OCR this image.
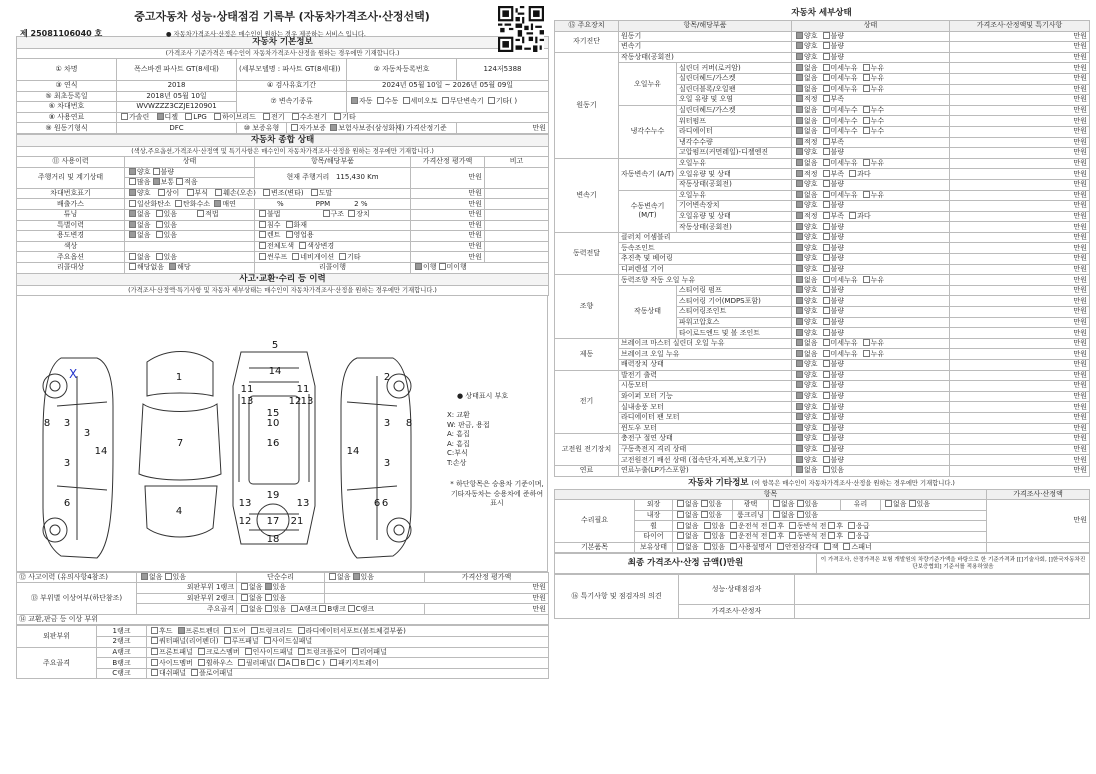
중고자동차 성능·상태점검 기록부 (자동차가격조사·산정선택)
제 25081106040 호	● 자동차가격조사·산정은 매수인이 원하는 경우 제공하는 서비스 입니다.
자동차 기본정보						
(가격조사 기준가격은 매수인이 자동차가격조사·산정을 원하는 경우에만 기재합니다.)						
① 차명	폭스바겐 파사트 GT(8세대)	(세부모델명 : 파사트 GT(8세대))		② 자동차등록번호		124저5388
③ 연식	2018	④ 검사유효기간		2024년 05월 10일 ~ 2026년 05월 09일		
⑤ 최초등록일	2018년 05월 10일	⑦ 변속기종류		자동 수동 세미오토 무단변속기 기타( )		
⑥ 차대번호	WVWZZZ3CZJE120901					
⑧ 사용연료	가솔린 디젤 LPG 하이브리드 전기 수소전기 기타					
⑨ 원동기형식	DFC	⑩ 보증유형	자가보증 보험사보증(삼성화재)		가격산정기준	만원
자동차 종합 상태				
(색상,주요옵션,가격조사·산정액 및 특기사항은 매수인이 자동차가격조사·산정을 원하는 경우에만 기재합니다.)				
⑪ 사용이력	상태	항목/해당부품	가격산정 평가액	비고
주행거리 및 계기상태	양호 불량	현재 주행거리 115,430 Km	만원	
	많음 보통 적음			
차대번호표기	양호 상이 부식 훼손(오손) 변조(변타) 도말		만원	
배출가스	일산화탄소 탄화수소 매연	% PPM 2 %	만원	
튜닝	없음 있음 적법	불법 구조 장치	만원	
특별이력	없음 있음	침수 화재	만원	
용도변경	없음 있음	렌트 영업용	만원	
색상		전체도색 색상변경	만원	
주요옵션	없음 있음	썬루프 네비게이션 기타	만원	
리콜대상	해당없음 해당	리콜이행	이행 미이행	
사고·교환·수리 등 이력				
(가격조사·산정액·특기사항 및 자동차 세부상태는 매수인이 자동차가격조사·산정을 원하는 경우에만 기재합니다.)				
1
7
4
3
3
8
14
6
3
5
14
11	11
13	12 13
15
10
16
19
13	13
12 17 21
18
3
3
8
14
6
2
6
X
● 상태표시 부호
X: 교환
W: 판금, 용접
A: 흠집
A: 흠집
C:부식
T:손상
* 하단항목은 승용차 기준이며, 기타자동차는 승용차에 준하여 표시
⑫ 사고이력 (유의사항4참조)	없음 있음	단순수리	없음 있음	가격산정 평가액
⑬ 부위별 이상여부(하단참조)	외판부위 1랭크	없음 있음	만원	
	외판부위 2랭크	없음 있음	만원	
	주요골격	없음 있음 A랭크 B랭크 C랭크		만원
⑭ 교환,판금 등 이상 부위				
외판부위	1랭크	후드 프론트펜더 도어 트렁크리드 라디에이터서포트(볼트체결부품)
	2랭크	쿼터패널(리어펜더) 루프패널 사이드실패널
주요골격	A랭크	프론트패널 크로스멤버 인사이드패널 트렁크플로어 리어패널
	B랭크	사이드멤버 휠하우스 필러패널( A B C ) 패키지트레이
	C랭크	대쉬패널 플로어패널
자동차 세부상태
⑮ 주요장치	항목/해당부품		상태	가격조사·산정액및 특기사항
자기진단	원동기		양호 불량	만원
	변속기		양호 불량	만원
원동기	작동상태(공회전)		양호 불량	만원
	오일누유	실린더 커버(로커암)	없음 미세누유 누유	만원
		실린더헤드/가스켓	없음 미세누유 누유	만원
		실린더블록/오일팬	없음 미세누유 누유	만원
		오일 유량 및 오염	적정 부족	만원
	냉각수누수	실린더헤드/가스켓	없음 미세누수 누수	만원
		워터펌프	없음 미세누수 누수	만원
		라디에이터	없음 미세누수 누수	만원
		냉각수수량	적정 부족	만원
		고압펌프(커먼레일)-디젤엔진	양호 불량	만원
변속기	자동변속기 (A/T)	오일누유	없음 미세누유 누유	만원
		오일유량 및 상태	적정 부족 과다	만원
		작동상태(공회전)	양호 불량	만원
	수동변속기 (M/T)	오일누유	없음 미세누유 누유	만원
		기어변속장치	양호 불량	만원
		오일유량 및 상태	적정 부족 과다	만원
		작동상태(공회전)	양호 불량	만원
동력전달	클러치 어셈블리		양호 불량	만원
	등속조인트		양호 불량	만원
	추진축 및 베어링		양호 불량	만원
	디퍼렌셜 기어		양호 불량	만원
조향	동력조향 작동 오일 누유		없음 미세누유 누유	만원
	작동상태	스티어링 펌프	양호 불량	만원
		스티어링 기어(MDPS포함)	양호 불량	만원
		스티어링조인트	양호 불량	만원
		파워고압호스	양호 불량	만원
		타이로드엔드 및 볼 조인트	양호 불량	만원
제동	브레이크 마스터 실린더 오일 누유		없음 미세누유 누유	만원
	브레이크 오일 누유		없음 미세누유 누유	만원
	배력장치 상태		양호 불량	만원
전기	발전기 출력		양호 불량	만원
	시동모터		양호 불량	만원
	와이퍼 모터 기능		양호 불량	만원
	실내송풍 모터		양호 불량	만원
	라디에이터 팬 모터		양호 불량	만원
	윈도우 모터		양호 불량	만원
고전원 전기장치	충전구 절연 상태		양호 불량	만원
	구동축전지 격리 상태		양호 불량	만원
	고전원전기 배선 상태 (접속단자,피복,보호기구)		양호 불량	만원
연료	연료누출(LP가스포함)		없음 있음	만원
자동차 기타정보 (이 항목은 매수인이 자동차가격조사·산정을 원하는 경우에만 기재합니다.)
항목							가격조사·산정액
수리필요	외장	없음 있음	광택	없음 있음	유리	없음 있음	만원
	내장	없음 있음	룸크리닝	없음 있음			
	휠	없음 있음 운전석 전 후 동반석 전 후 응급					
	타이어	없음 있음 운전석 전 후 동반석 전 후 응급					
기본품목	보유상태	없음 있음 사용설명서 안전삼각대 잭 스패너					
최종 가격조사·산정 금액()만원	이 가격조사, 산정가격은 보험 개발원의 차량기준가액을 바탕으로 한 기준가격과 [[]기술사회, []한국자동차진단보증협회] 기준서를 적용하였음
⑯ 특기사항 및 점검자의 의견	성능·상태점검자	
	가격조사·산정자	
